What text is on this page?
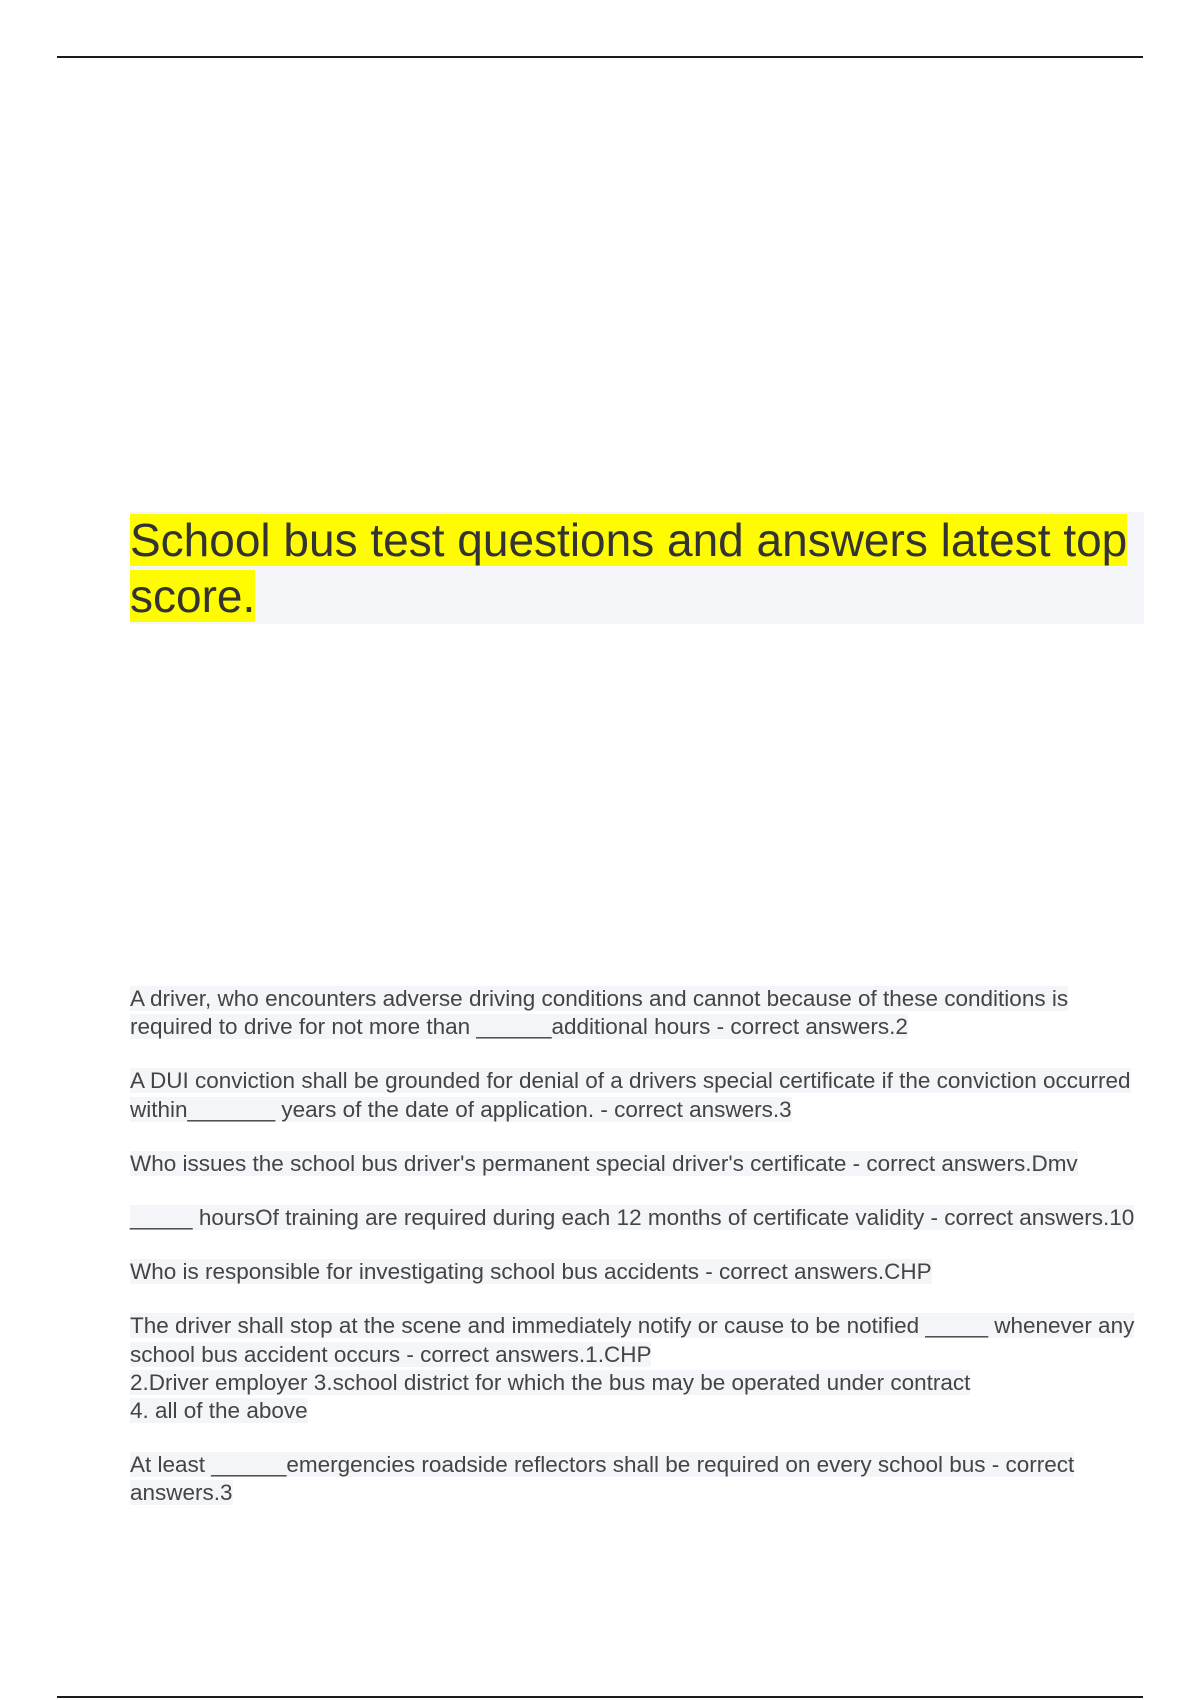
School bus test questions and answers latest top score.

A driver, who encounters adverse driving conditions and cannot because of these conditions is required to drive for not more than ______additional hours - correct answers.2

A DUI conviction shall be grounded for denial of a drivers special certificate if the conviction occurred within_______ years of the date of application. - correct answers.3

Who issues the school bus driver's permanent special driver's certificate - correct answers.Dmv

_____ hoursOf training are required during each 12 months of certificate validity - correct answers.10

Who is responsible for investigating school bus accidents - correct answers.CHP

The driver shall stop at the scene and immediately notify or cause to be notified _____ whenever any school bus accident occurs - correct answers.1.CHP
2.Driver employer 3.school district for which the bus may be operated under contract
4. all of the above

At least ______emergencies roadside reflectors shall be required on every school bus - correct answers.3
